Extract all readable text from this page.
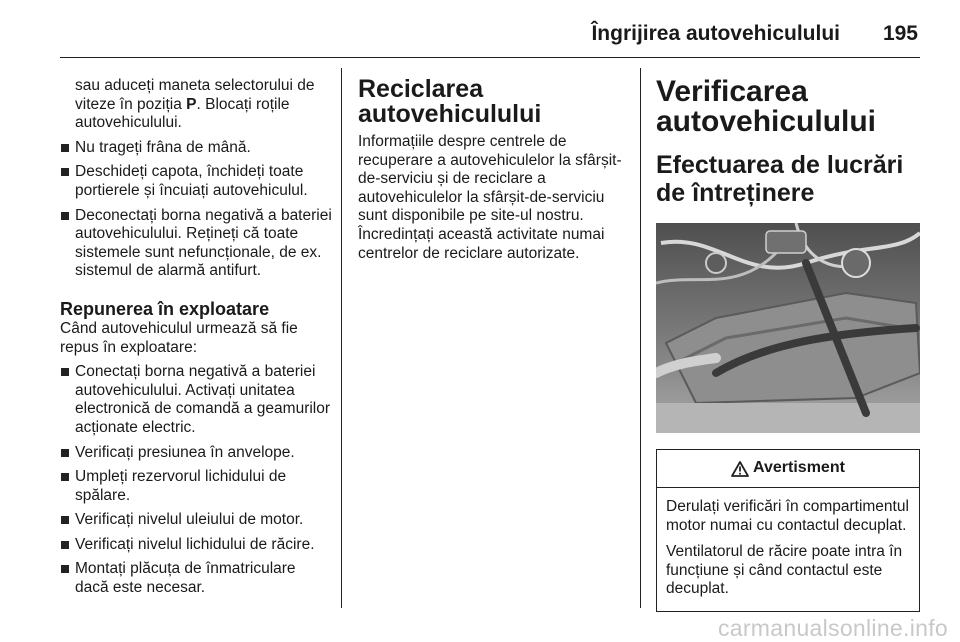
Îngrijirea autovehiculului 195
sau aduceți maneta selectorului de viteze în poziția P. Blocați roțile autovehiculului.
Nu trageți frâna de mână.
Deschideți capota, închideți toate portierele și încuiați autovehiculul.
Deconectați borna negativă a bateriei autovehiculului. Rețineți că toate sistemele sunt nefuncționale, de ex. sistemul de alarmă antifurt.
Repunerea în exploatare
Când autovehiculul urmează să fie repus în exploatare:
Conectați borna negativă a bateriei autovehiculului. Activați unitatea electronică de comandă a geamurilor acționate electric.
Verificați presiunea în anvelope.
Umpleți rezervorul lichidului de spălare.
Verificați nivelul uleiului de motor.
Verificați nivelul lichidului de răcire.
Montați plăcuța de înmatriculare dacă este necesar.
Reciclarea autovehiculului

Informațiile despre centrele de recuperare a autovehiculelor la sfârșit-de-serviciu și de reciclare a autovehiculelor la sfârșit-de-serviciu sunt disponibile pe site-ul nostru. Încredințați această activitate numai centrelor de reciclare autorizate.

Verificarea autovehiculului
Efectuarea de lucrări de întreținere
Avertisment

Derulați verificări în compartimentul motor numai cu contactul decuplat.

Ventilatorul de răcire poate intra în funcțiune și când contactul este decuplat.

carmanualsonline.info
